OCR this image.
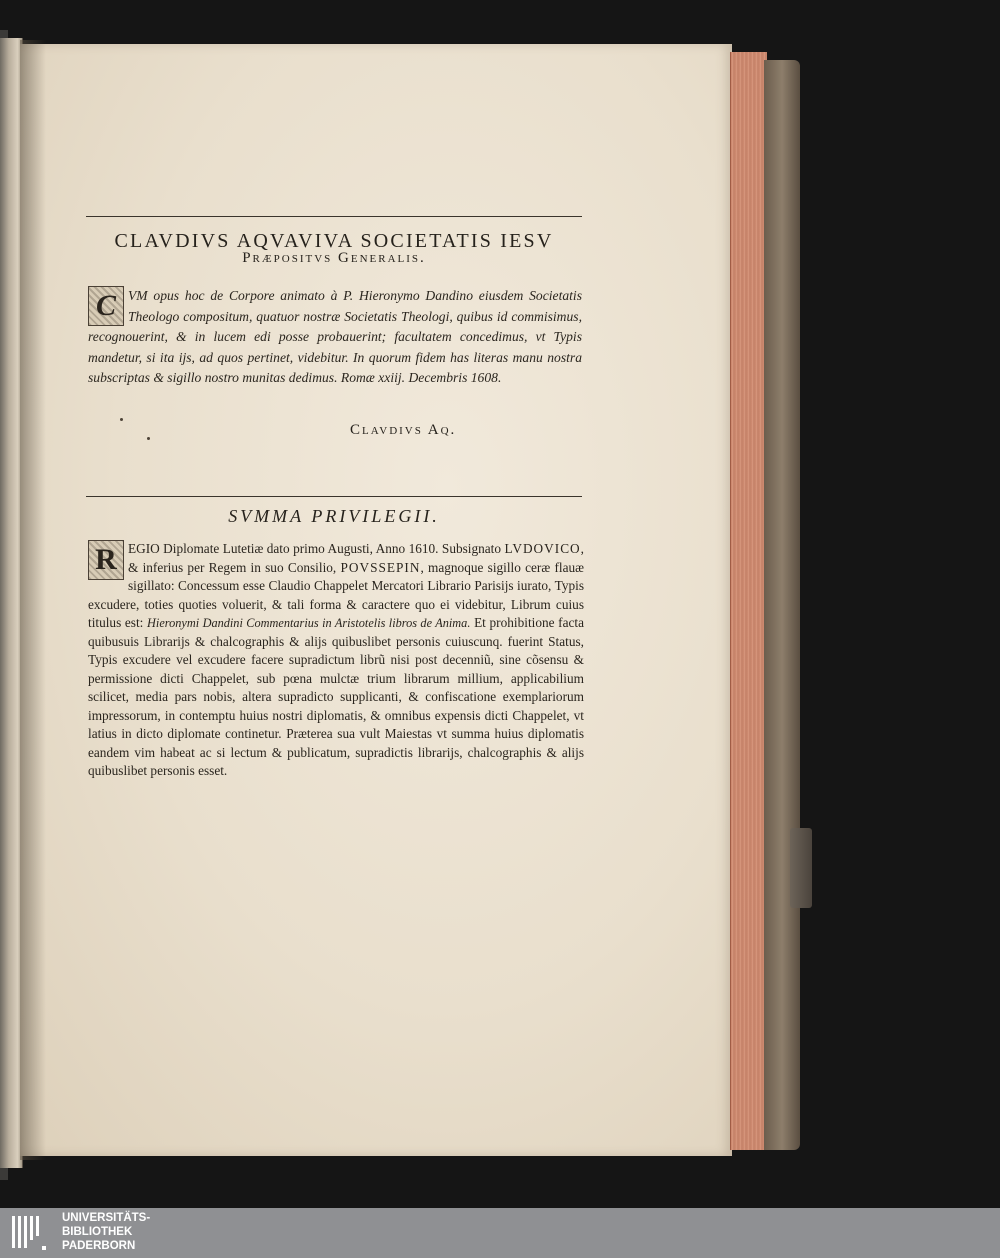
CLAVDIVS AQVAVIVA SOCIETATIS IESV
Præpositvs Generalis.
C VM opus hoc de Corpore animato à P. Hieronymo Dandino eiusdem Societatis Theologo compositum, quatuor nostræ Societatis Theologi, quibus id commisimus, recognouerint, & in lucem edi posse probauerint; facultatem concedimus, vt Typis mandetur, si ita ijs, ad quos pertinet, videbitur. In quorum fidem has literas manu nostra subscriptas & sigillo nostro munitas dedimus. Romæ xxiij. Decembris 1608.

Clavdivs Aq.
SVMMA PRIVILEGII.
R EGIO Diplomate Lutetiæ dato primo Augusti, Anno 1610. Subsignato LVDOVICO, & inferius per Regem in suo Consilio, POVSSEPIN, magnoque sigillo ceræ flauæ sigillato: Concessum esse Claudio Chappelet Mercatori Librario Parisijs iurato, Typis excudere, toties quoties voluerit, & tali forma & caractere quo ei videbitur, Librum cuius titulus est: Hieronymi Dandini Commentarius in Aristotelis libros de Anima. Et prohibitione facta quibusuis Librarijs & chalcographis & alijs quibuslibet personis cuiuscunq. fuerint Status, Typis excudere vel excudere facere supradictum librũ nisi post decenniũ, sine cõsensu & permissione dicti Chappelet, sub pœna mulctæ trium librarum millium, applicabilium scilicet, media pars nobis, altera supradicto supplicanti, & confiscatione exemplariorum impressorum, in contemptu huius nostri diplomatis, & omnibus expensis dicti Chappelet, vt latius in dicto diplomate continetur. Præterea sua vult Maiestas vt summa huius diplomatis eandem vim habeat ac si lectum & publicatum, supradictis librarijs, chalcographis & alijs quibuslibet personis esset.
UNIVERSITÄTS-
BIBLIOTHEK
PADERBORN
